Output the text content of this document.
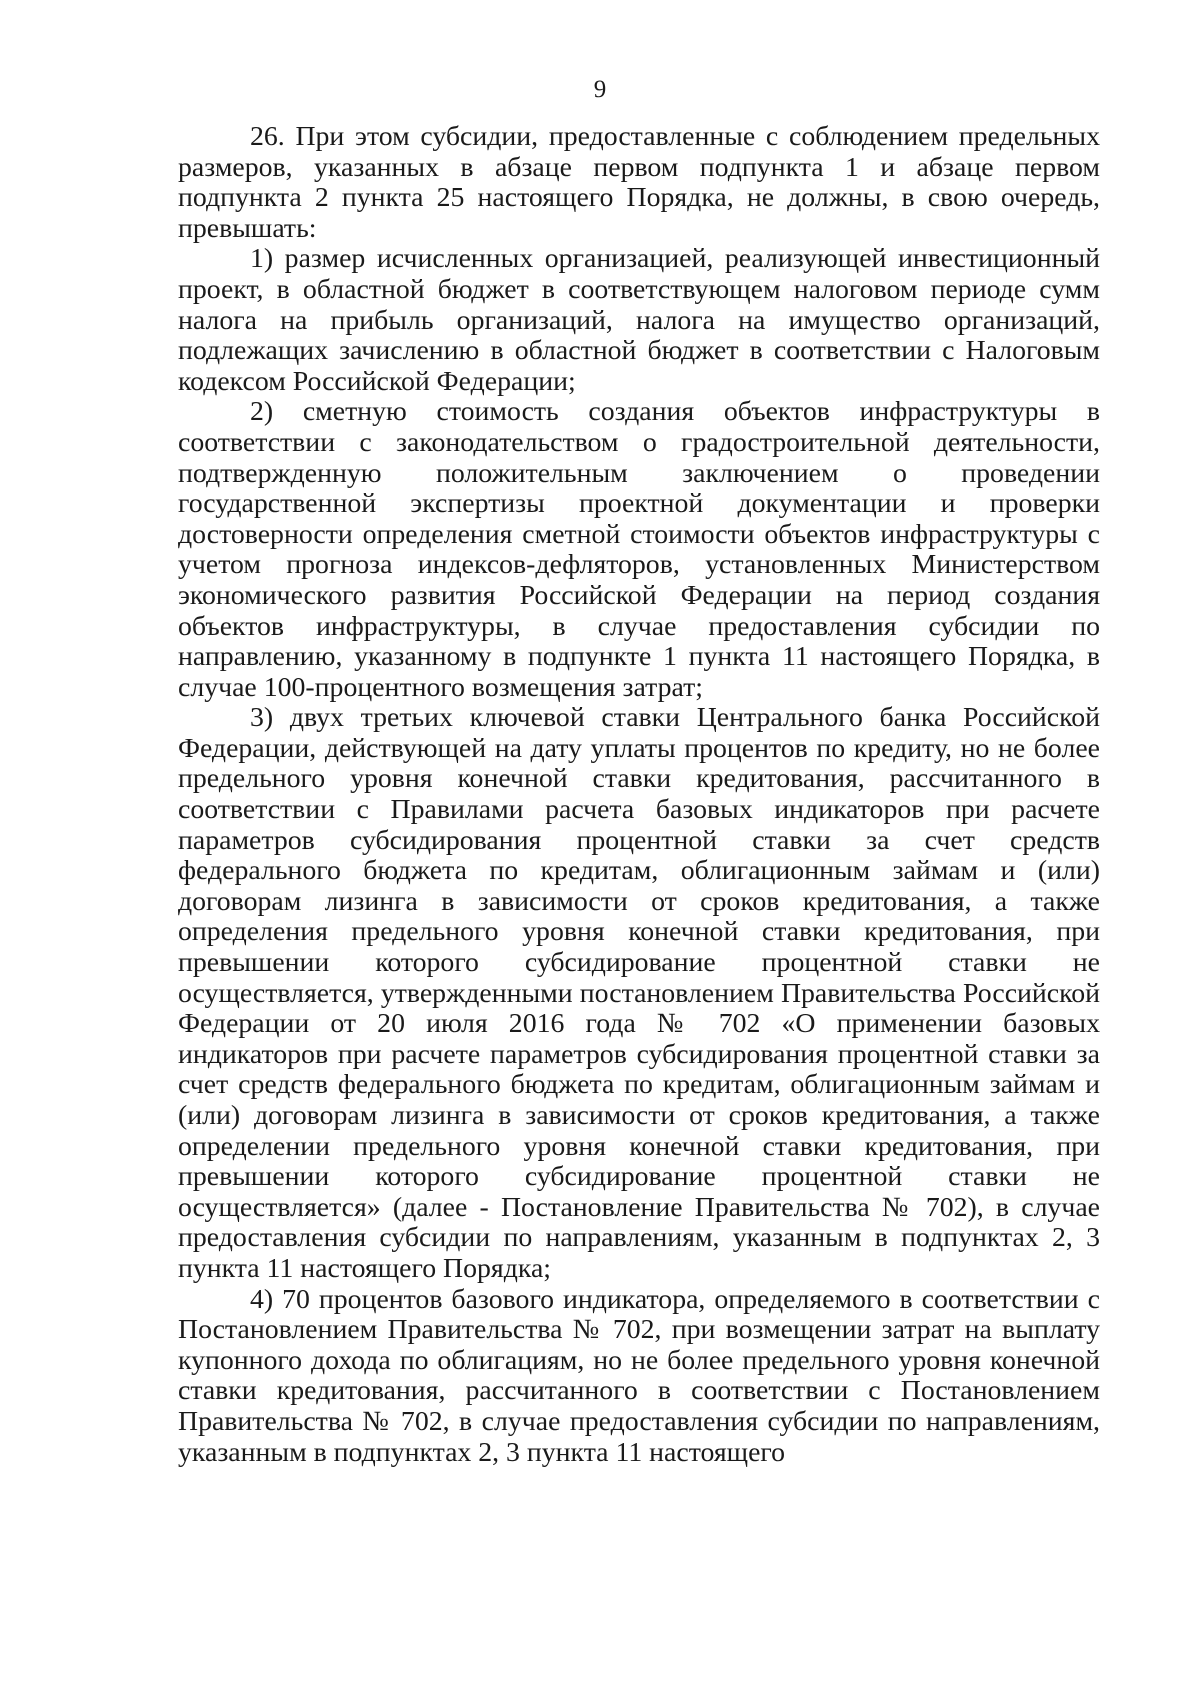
9

26. При этом субсидии, предоставленные с соблюдением предельных размеров, указанных в абзаце первом подпункта 1 и абзаце первом подпункта 2 пункта 25 настоящего Порядка, не должны, в свою очередь, превышать:

1) размер исчисленных организацией, реализующей инвестиционный проект, в областной бюджет в соответствующем налоговом периоде сумм налога на прибыль организаций, налога на имущество организаций, подлежащих зачислению в областной бюджет в соответствии с Налоговым кодексом Российской Федерации;

2) сметную стоимость создания объектов инфраструктуры в соответствии с законодательством о градостроительной деятельности, подтвержденную положительным заключением о проведении государственной экспертизы проектной документации и проверки достоверности определения сметной стоимости объектов инфраструктуры с учетом прогноза индексов-дефляторов, установленных Министерством экономического развития Российской Федерации на период создания объектов инфраструктуры, в случае предоставления субсидии по направлению, указанному в подпункте 1 пункта 11 настоящего Порядка, в случае 100-процентного возмещения затрат;

3) двух третьих ключевой ставки Центрального банка Российской Федерации, действующей на дату уплаты процентов по кредиту, но не более предельного уровня конечной ставки кредитования, рассчитанного в соответствии с Правилами расчета базовых индикаторов при расчете параметров субсидирования процентной ставки за счет средств федерального бюджета по кредитам, облигационным займам и (или) договорам лизинга в зависимости от сроков кредитования, а также определения предельного уровня конечной ставки кредитования, при превышении которого субсидирование процентной ставки не осуществляется, утвержденными постановлением Правительства Российской Федерации от 20 июля 2016 года № 702 «О применении базовых индикаторов при расчете параметров субсидирования процентной ставки за счет средств федерального бюджета по кредитам, облигационным займам и (или) договорам лизинга в зависимости от сроков кредитования, а также определении предельного уровня конечной ставки кредитования, при превышении которого субсидирование процентной ставки не осуществляется» (далее - Постановление Правительства № 702), в случае предоставления субсидии по направлениям, указанным в подпунктах 2, 3 пункта 11 настоящего Порядка;

4) 70 процентов базового индикатора, определяемого в соответствии с Постановлением Правительства № 702, при возмещении затрат на выплату купонного дохода по облигациям, но не более предельного уровня конечной ставки кредитования, рассчитанного в соответствии с Постановлением Правительства № 702, в случае предоставления субсидии по направлениям, указанным в подпунктах 2, 3 пункта 11 настоящего
